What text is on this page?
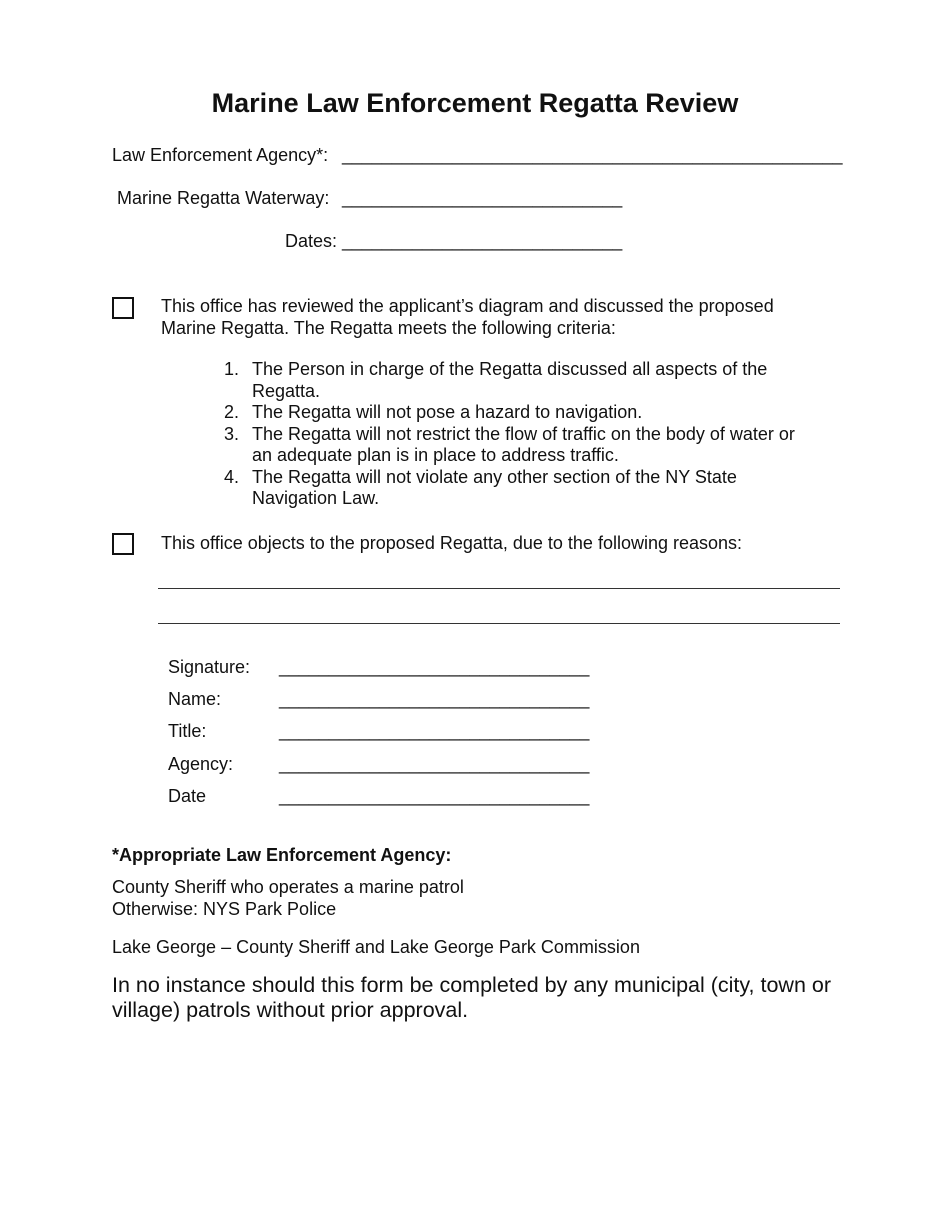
Marine Law Enforcement Regatta Review
Law Enforcement Agency*: __________________________________________________
Marine Regatta Waterway: ____________________________
Dates: ____________________________
This office has reviewed the applicant’s diagram and discussed the proposed
Marine Regatta. The Regatta meets the following criteria:
1. The Person in charge of the Regatta discussed all aspects of the
Regatta.
2. The Regatta will not pose a hazard to navigation.
3. The Regatta will not restrict the flow of traffic on the body of water or
an adequate plan is in place to address traffic.
4. The Regatta will not violate any other section of the NY State
Navigation Law.
This office objects to the proposed Regatta, due to the following reasons:
Signature: _______________________________
Name:	_______________________________
Title:	_______________________________
Agency:	_______________________________
Date	_______________________________
*Appropriate Law Enforcement Agency:
County Sheriff who operates a marine patrol
Otherwise: NYS Park Police
Lake George – County Sheriff and Lake George Park Commission
In no instance should this form be completed by any municipal (city, town or village) patrols without prior approval.
